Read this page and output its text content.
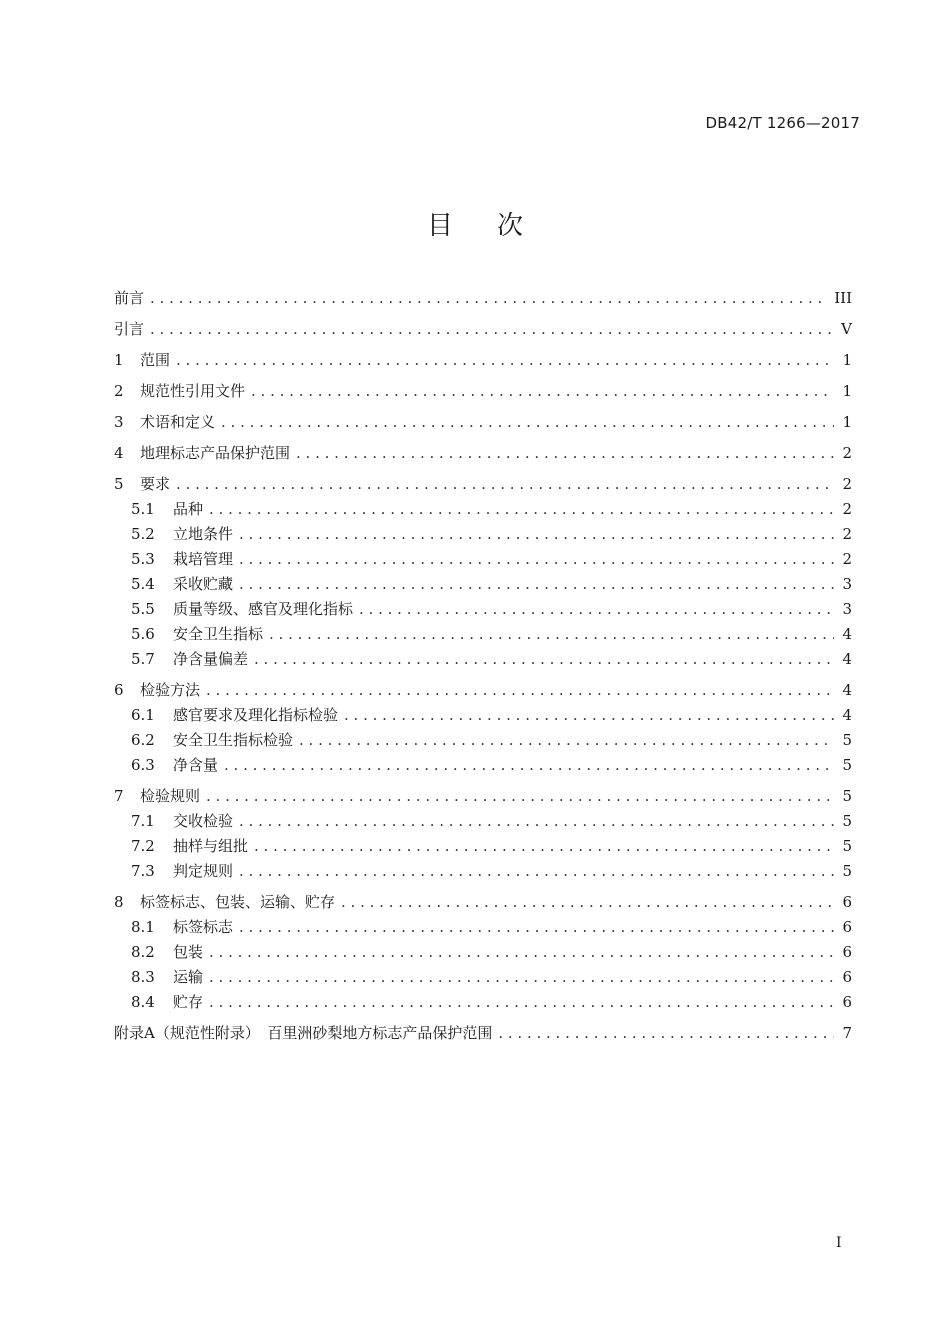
DB42/T 1266—2017
目次
前言 . . .	III
引言 . . .	V
1	范围 . . .	1
2	规范性引用文件 . . .	1
3	术语和定义 . . .	1
4	地理标志产品保护范围 . . .	2
5	要求 . . .	2
5.1	品种 . . .	2
5.2	立地条件 . . .	2
5.3	栽培管理 . . .	2
5.4	采收贮藏 . . .	3
5.5	质量等级、感官及理化指标 . . .	3
5.6	安全卫生指标 . . .	4
5.7	净含量偏差 . . .	4
6	检验方法 . . .	4
6.1	感官要求及理化指标检验 . . .	4
6.2	安全卫生指标检验 . . .	5
6.3	净含量 . . .	5
7	检验规则 . . .	5
7.1	交收检验 . . .	5
7.2	抽样与组批 . . .	5
7.3	判定规则 . . .	5
8	标签标志、包装、运输、贮存 . . .	6
8.1	标签标志 . . .	6
8.2	包装 . . .	6
8.3	运输 . . .	6
8.4	贮存 . . .	6
附录A（规范性附录）　百里洲砂梨地方标志产品保护范围 . . .	7
I
